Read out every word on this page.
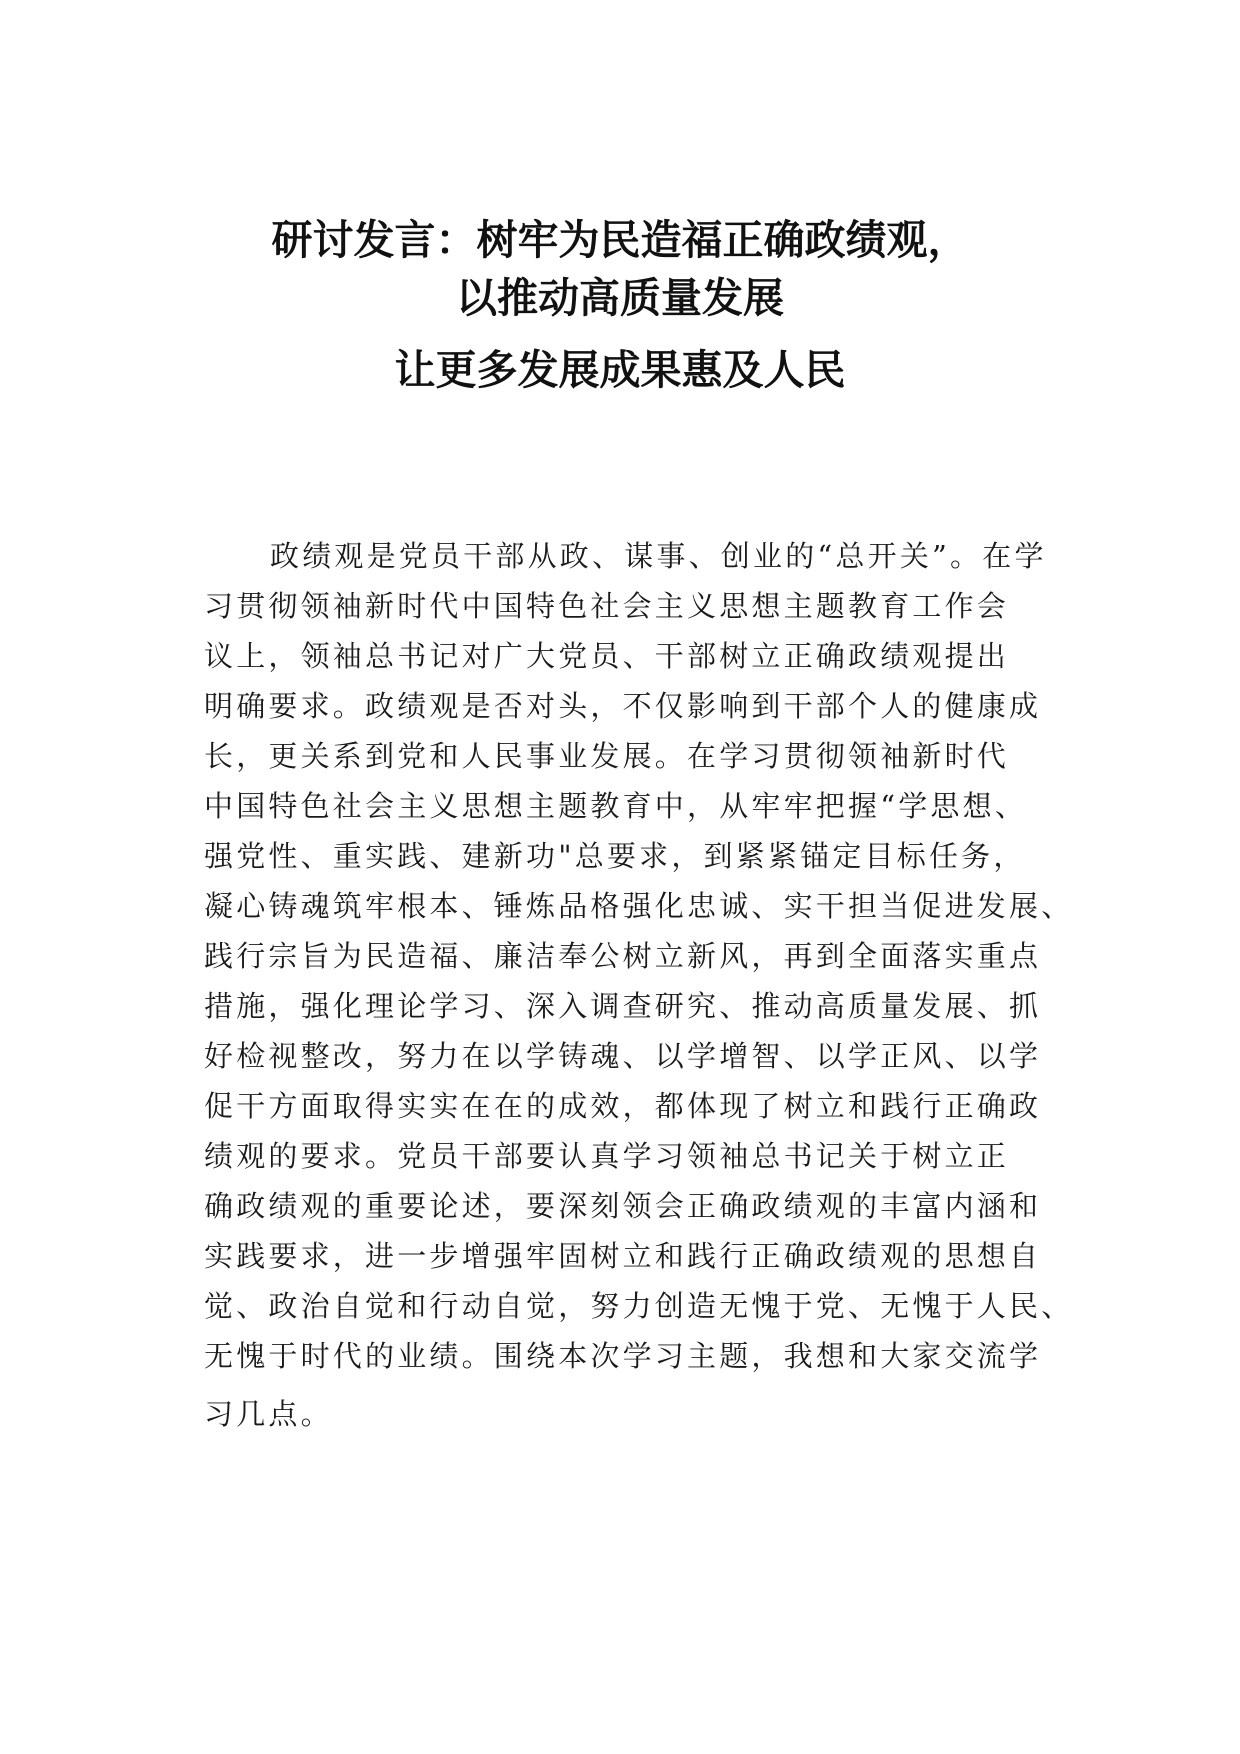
研讨发言：树牢为民造福正确政绩观，
以推动高质量发展
让更多发展成果惠及人民
政绩观是党员干部从政、谋事、创业的“总开关”。在学
习贯彻领袖新时代中国特色社会主义思想主题教育工作会
议上，领袖总书记对广大党员、干部树立正确政绩观提出
明确要求。政绩观是否对头，不仅影响到干部个人的健康成
长，更关系到党和人民事业发展。在学习贯彻领袖新时代
中国特色社会主义思想主题教育中，从牢牢把握“学思想、
强党性、重实践、建新功"总要求，到紧紧锚定目标任务，
凝心铸魂筑牢根本、锤炼品格强化忠诚、实干担当促进发展、
践行宗旨为民造福、廉洁奉公树立新风，再到全面落实重点
措施，强化理论学习、深入调查研究、推动高质量发展、抓
好检视整改，努力在以学铸魂、以学增智、以学正风、以学
促干方面取得实实在在的成效，都体现了树立和践行正确政
绩观的要求。党员干部要认真学习领袖总书记关于树立正
确政绩观的重要论述，要深刻领会正确政绩观的丰富内涵和
实践要求，进一步增强牢固树立和践行正确政绩观的思想自
觉、政治自觉和行动自觉，努力创造无愧于党、无愧于人民、
无愧于时代的业绩。围绕本次学习主题，我想和大家交流学
习几点。
